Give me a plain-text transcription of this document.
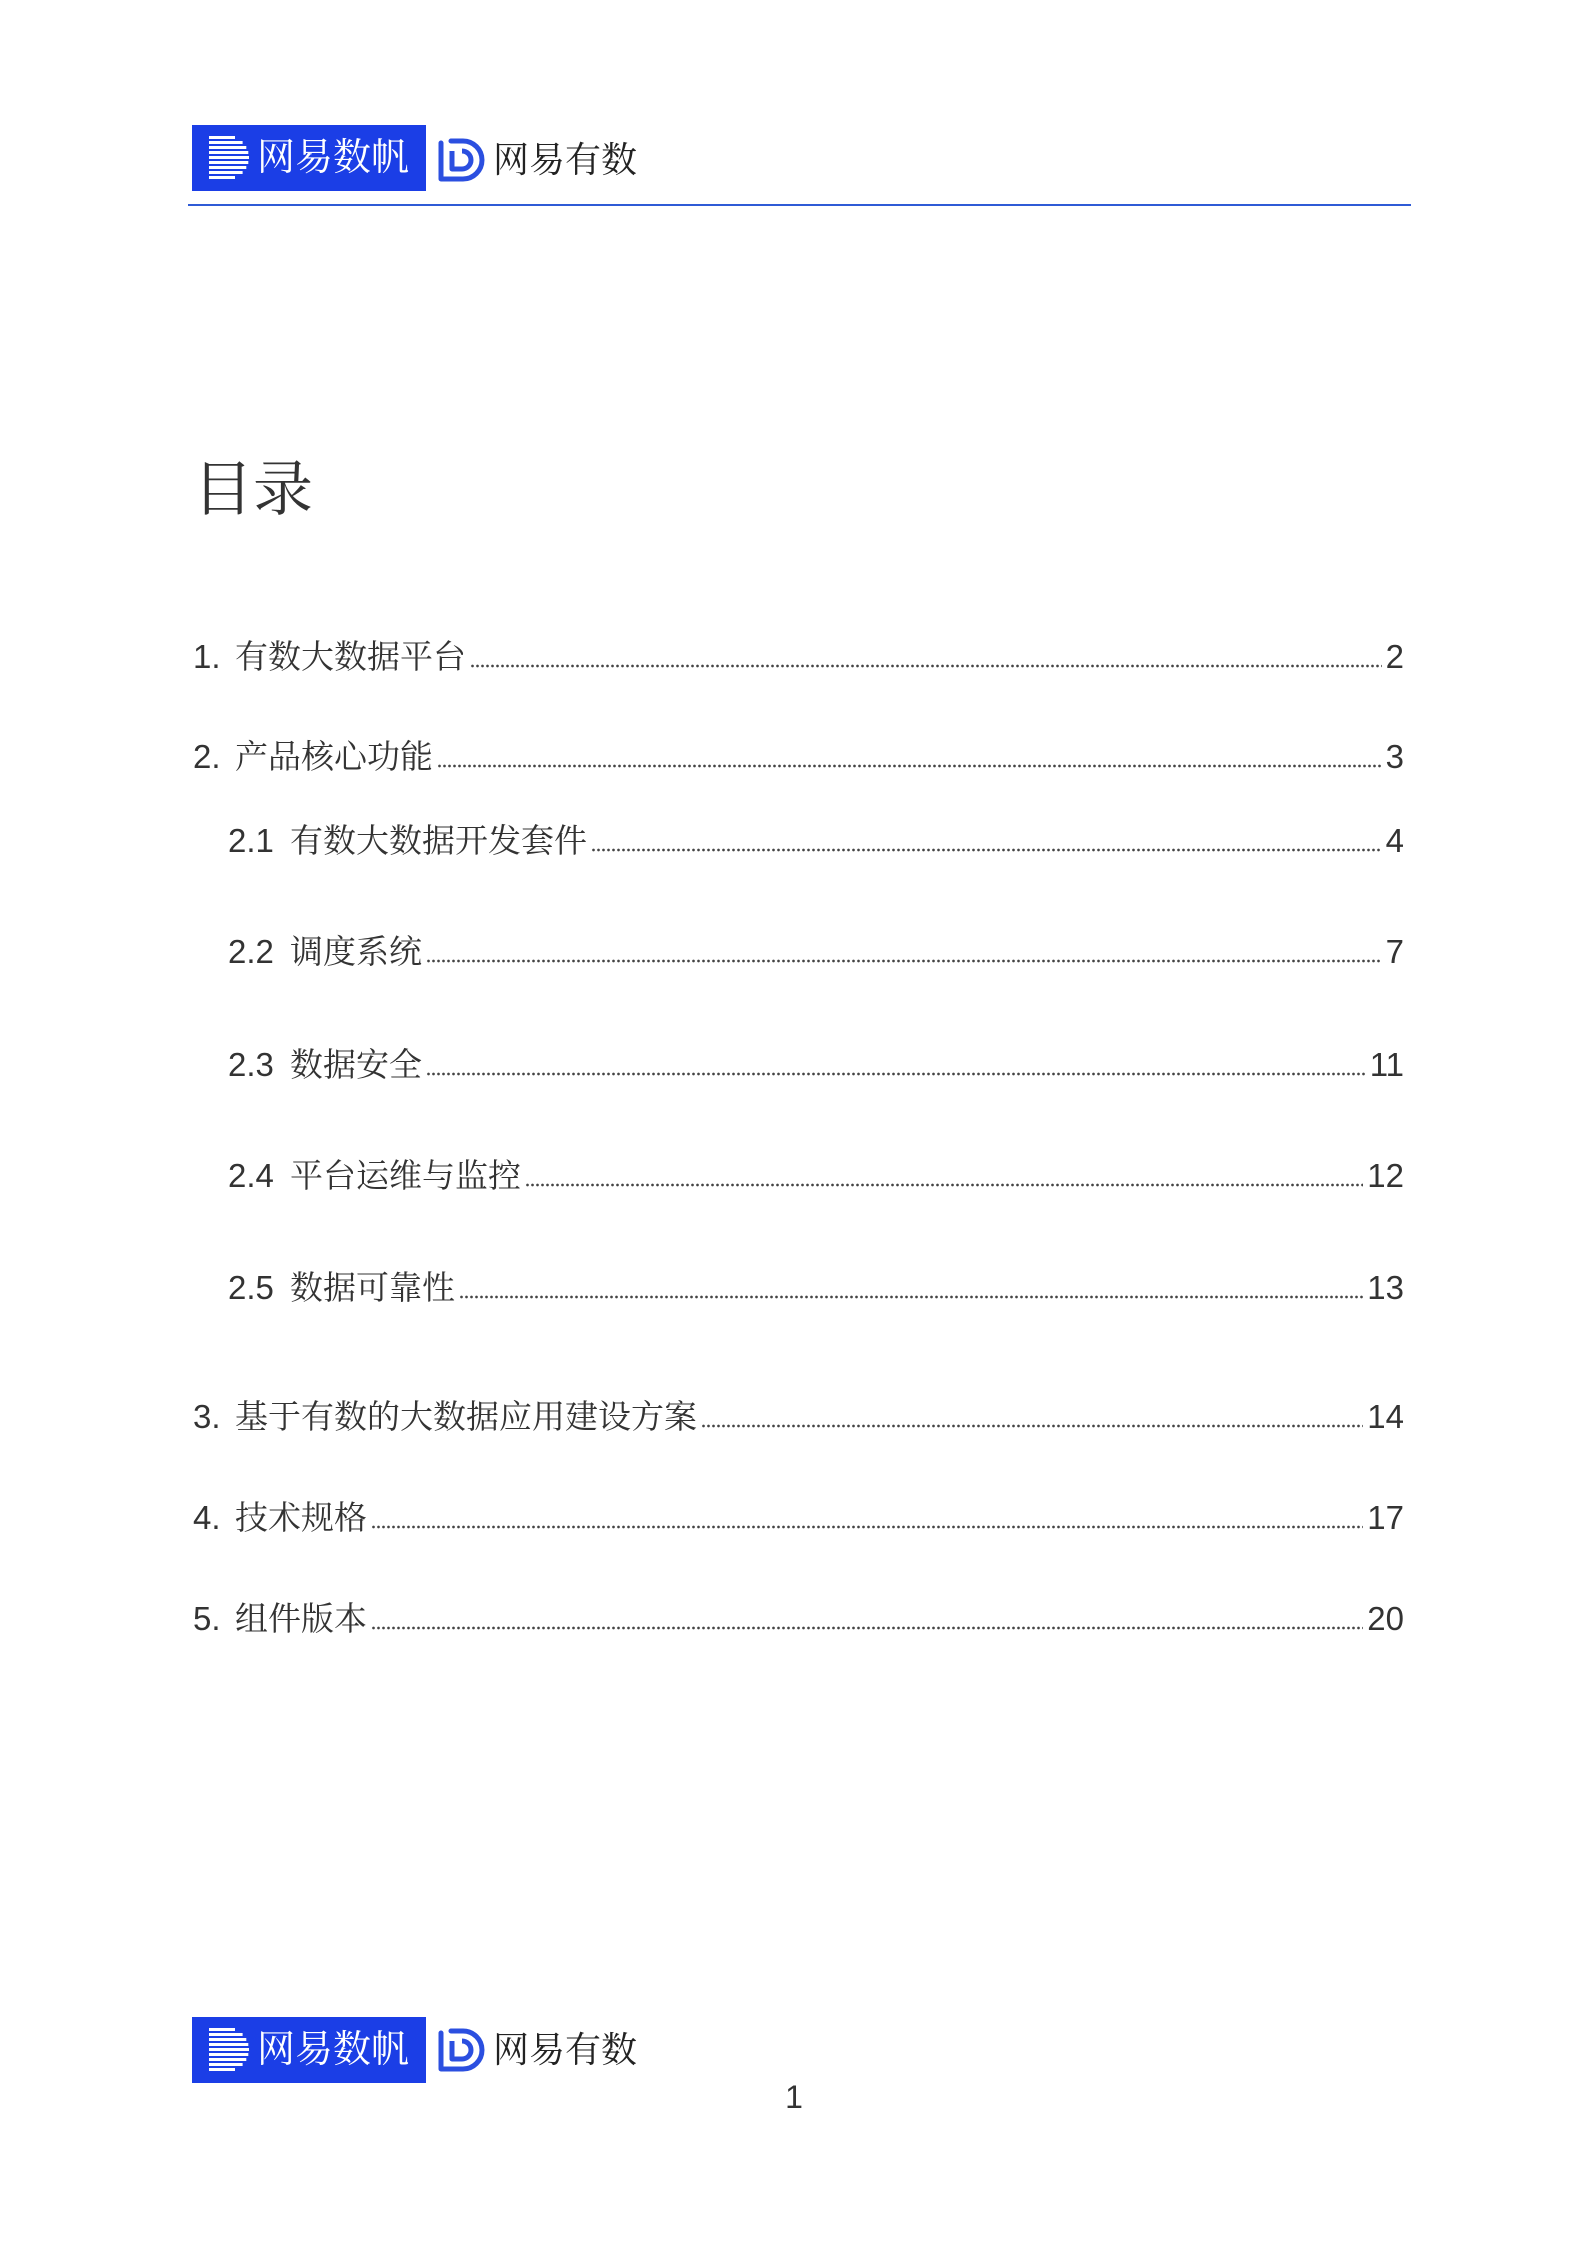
网易数帆 网易有数
目录
1. 有数大数据平台	2
2. 产品核心功能	3
2.1 有数大数据开发套件	4
2.2 调度系统	7
2.3 数据安全	11
2.4 平台运维与监控	12
2.5 数据可靠性	13
3. 基于有数的大数据应用建设方案	14
4. 技术规格	17
5. 组件版本	20
网易数帆 网易有数
1
